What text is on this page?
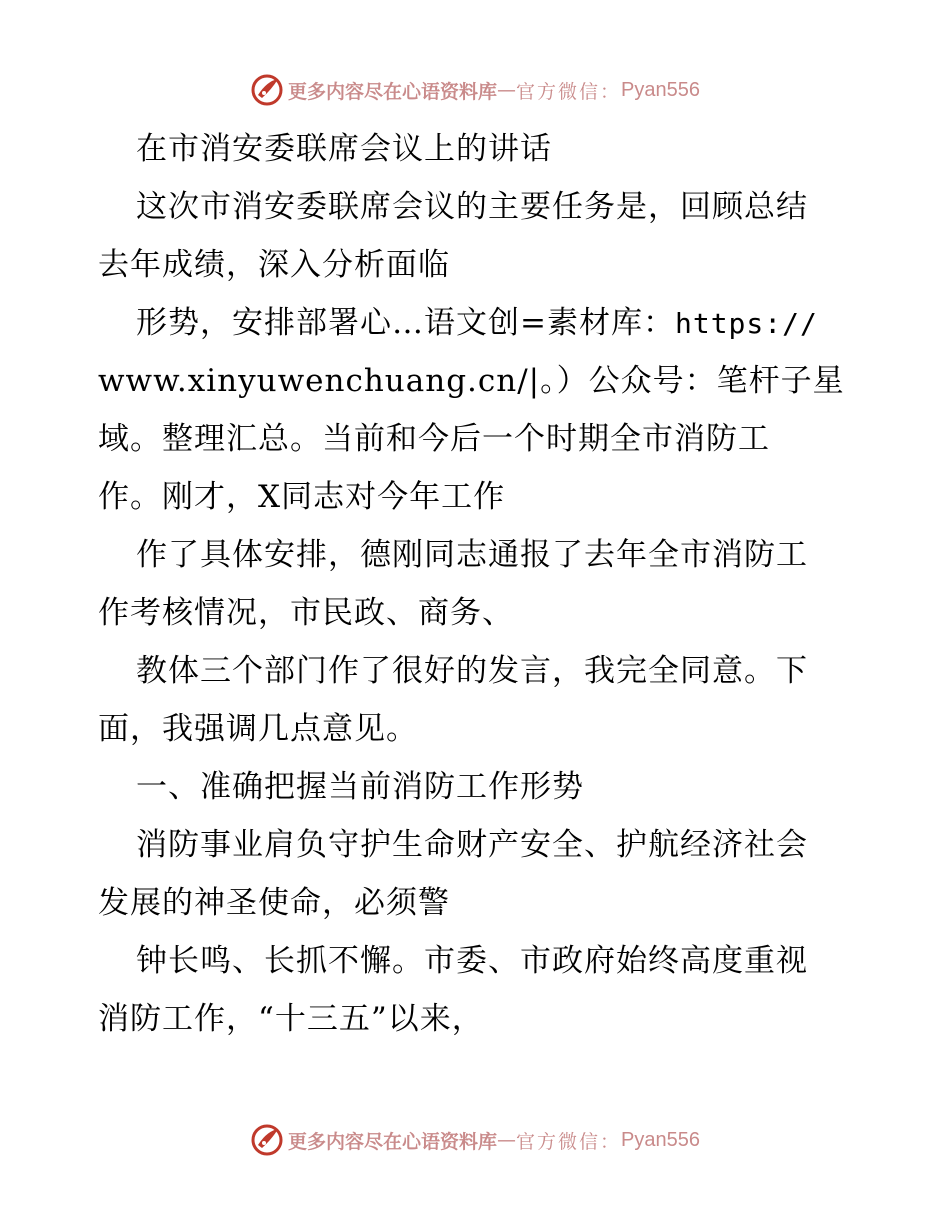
更多内容尽在心语资料库 — 官方微信： Pyan556
在市消安委联席会议上的讲话
这次市消安委联席会议的主要任务是，回顾总结
去年成绩，深入分析面临
形势，安排部署心…语文创=素材库：https://
www.xinyuwenchuang.cn/|。）公众号：笔杆子星
域。整理汇总。当前和今后一个时期全市消防工
作。刚才，X同志对今年工作
作了具体安排，德刚同志通报了去年全市消防工
作考核情况，市民政、商务、
教体三个部门作了很好的发言，我完全同意。下
面，我强调几点意见。
一、准确把握当前消防工作形势
消防事业肩负守护生命财产安全、护航经济社会
发展的神圣使命，必须警
钟长鸣、长抓不懈。市委、市政府始终高度重视
消防工作，“十三五”以来，
更多内容尽在心语资料库 — 官方微信： Pyan556
